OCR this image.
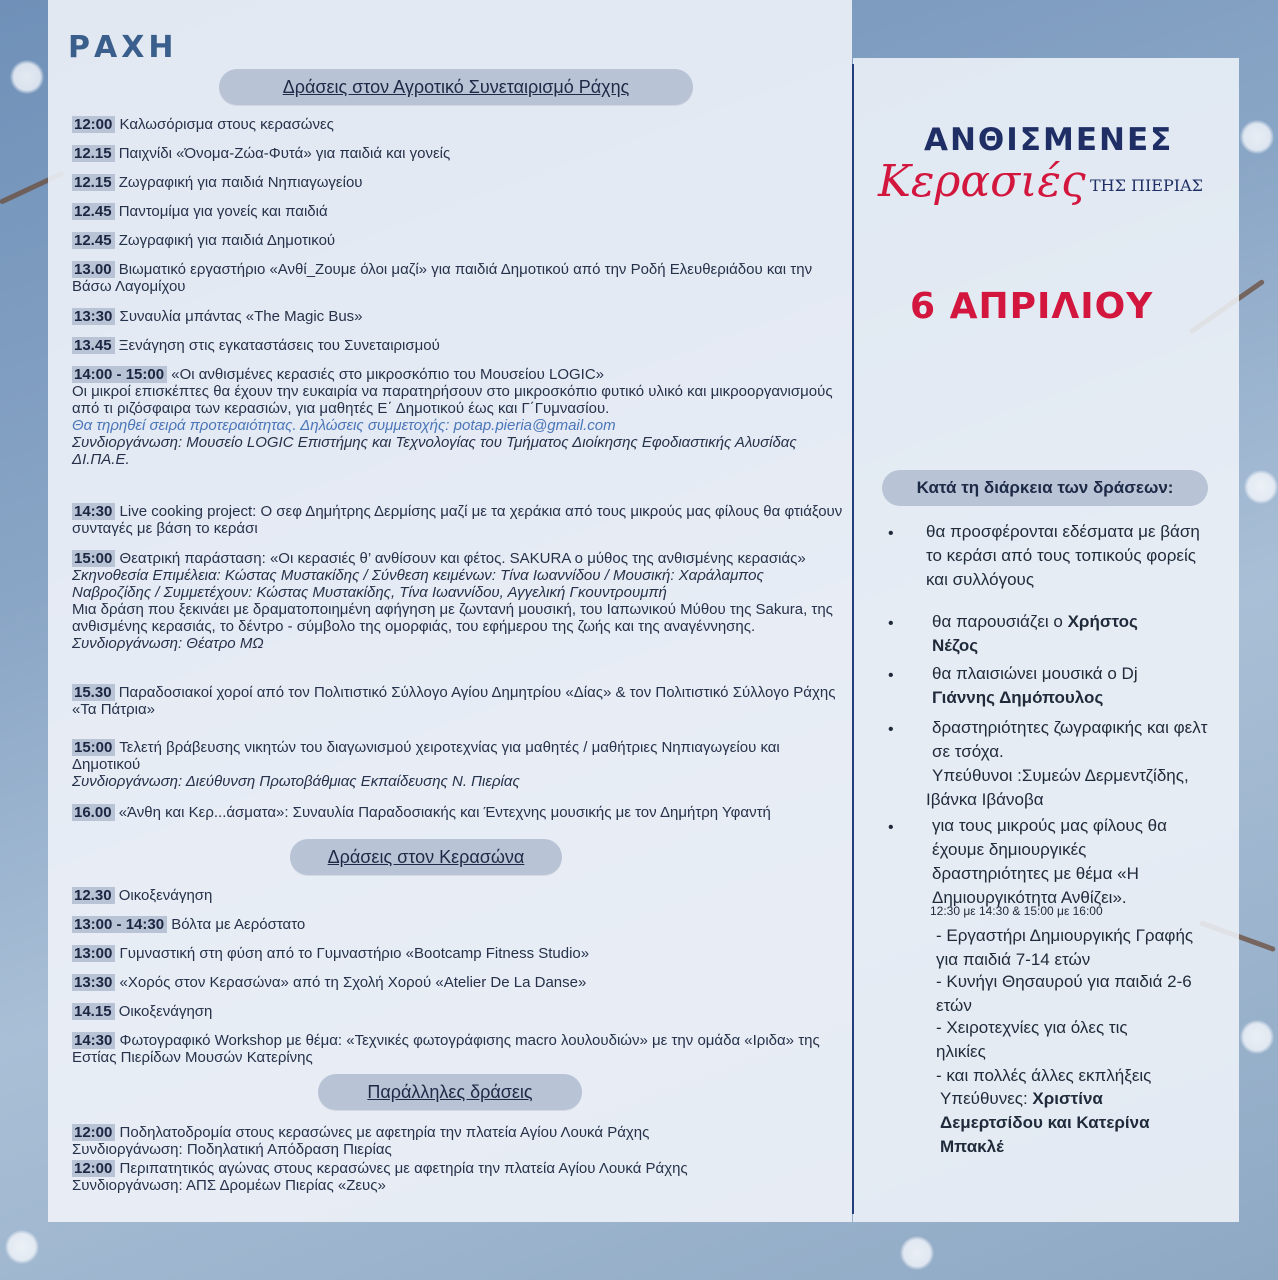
ΡΑΧΗ
Δράσεις στον Αγροτικό Συνεταιρισμό Ράχης
12:00 Καλωσόρισμα στους κερασώνες
12.15 Παιχνίδι «Όνομα-Ζώα-Φυτά» για παιδιά και γονείς
12.15 Ζωγραφική για παιδιά Νηπιαγωγείου
12.45 Παντομίμα για γονείς και παιδιά
12.45 Ζωγραφική για παιδιά Δημοτικού
13.00 Βιωματικό εργαστήριο «Ανθί_Ζουμε όλοι μαζί» για παιδιά Δημοτικού από την Ροδή Ελευθεριάδου και την Βάσω Λαγομίχου
13:30 Συναυλία μπάντας «The Magic Bus»
13.45 Ξενάγηση στις εγκαταστάσεις του Συνεταιρισμού

14:00 - 15:00 «Οι ανθισμένες κερασιές στο μικροσκόπιο του Μουσείου LOGIC»

Οι μικροί επισκέπτες θα έχουν την ευκαιρία να παρατηρήσουν στο μικροσκόπιο φυτικό υλικό και μικροοργανισμούς από τι ριζόσφαιρα των κερασιών, για μαθητές Ε΄ Δημοτικού έως και Γ΄Γυμνασίου.

Θα τηρηθεί σειρά προτεραιότητας. Δηλώσεις συμμετοχής: potap.pieria@gmail.com

Συνδιοργάνωση: Μουσείο LOGIC Επιστήμης και Τεχνολογίας του Τμήματος Διοίκησης Εφοδιαστικής Αλυσίδας ΔΙ.ΠΑ.Ε.

14:30 Live cooking project: Ο σεφ Δημήτρης Δερμίσης μαζί με τα χεράκια από τους μικρούς μας φίλους θα φτιάξουν συνταγές με βάση το κεράσι

15:00 Θεατρική παράσταση: «Οι κερασιές θ’ ανθίσουν και φέτος. SAKURA ο μύθος της ανθισμένης κερασιάς»

Σκηνοθεσία Επιμέλεια: Κώστας Μυστακίδης / Σύνθεση κειμένων: Τίνα Ιωαννίδου / Μουσική: Χαράλαμπος Ναβροζίδης / Συμμετέχουν: Κώστας Μυστακίδης, Τίνα Ιωαννίδου, Αγγελική Γκουντρουμπή

Μια δράση που ξεκινάει με δραματοποιημένη αφήγηση με ζωντανή μουσική, του Ιαπωνικού Μύθου της Sakura, της ανθισμένης κερασιάς, το δέντρο - σύμβολο της ομορφιάς, του εφήμερου της ζωής και της αναγέννησης. Συνδιοργάνωση: Θέατρο ΜΩ

15.30 Παραδοσιακοί χοροί από τον Πολιτιστικό Σύλλογο Αγίου Δημητρίου «Δίας» & τον Πολιτιστικό Σύλλογο Ράχης «Τα Πάτρια»

15:00 Τελετή βράβευσης νικητών του διαγωνισμού χειροτεχνίας για μαθητές / μαθήτριες Νηπιαγωγείου και Δημοτικού

Συνδιοργάνωση: Διεύθυνση Πρωτοβάθμιας Εκπαίδευσης Ν. Πιερίας

16.00 «Άνθη και Κερ...άσματα»: Συναυλία Παραδοσιακής και Έντεχνης μουσικής με τον Δημήτρη Υφαντή
Δράσεις στον Κερασώνα
12.30 Οικοξενάγηση
13:00 - 14:30 Βόλτα με Αερόστατο
13:00 Γυμναστική στη φύση από το Γυμναστήριο «Bootcamp Fitness Studio»
13:30 «Χορός στον Κερασώνα» από τη Σχολή Χορού «Atelier De La Danse»
14.15 Οικοξενάγηση
14:30 Φωτογραφικό Workshop με θέμα: «Τεχνικές φωτογράφισης macro λουλουδιών» με την ομάδα «Ιριδα» της Εστίας Πιερίδων Μουσών Κατερίνης
Παράλληλες δράσεις

12:00 Ποδηλατοδρομία στους κερασώνες με αφετηρία την πλατεία Αγίου Λουκά Ράχης

Συνδιοργάνωση: Ποδηλατική Απόδραση Πιερίας

12:00 Περιπατητικός αγώνας στους κερασώνες με αφετηρία την πλατεία Αγίου Λουκά Ράχης

Συνδιοργάνωση: ΑΠΣ Δρομέων Πιερίας «Ζευς»

ΑΝΘΙΣΜΕΝΕΣ
Κερασιές ΤΗΣ ΠΙΕΡΙΑΣ
6 ΑΠΡΙΛΙΟΥ
Κατά τη διάρκεια των δράσεων:
• θα προσφέρονται εδέσματα με βάση το κεράσι από τους τοπικούς φορείς και συλλόγους
• θα παρουσιάζει ο Χρήστος Νέζος
• θα πλαισιώνει μουσικά ο Dj Γιάννης Δημόπουλος
• δραστηριότητες ζωγραφικής και φελτ σε τσόχα.
Υπεύθυνοι :Συμεών Δερμεντζίδης, Ιβάνκα Ιβάνοβα
• για τους μικρούς μας φίλους θα έχουμε δημιουργικές δραστηριότητες με θέμα «Η Δημιουργικότητα Ανθίζει».
12:30 με 14:30 & 15:00 με 16:00
- Εργαστήρι Δημιουργικής Γραφής για παιδιά 7-14 ετών
- Κυνήγι Θησαυρού για παιδιά 2-6 ετών
- Χειροτεχνίες για όλες τις ηλικίες
- και πολλές άλλες εκπλήξεις
Υπεύθυνες: Χριστίνα Δεμερτσίδου και Κατερίνα Μπακλέ
